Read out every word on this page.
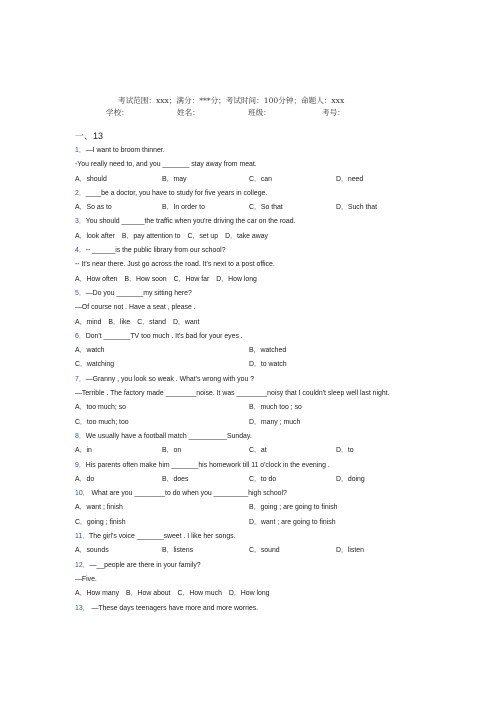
考试范围：xxx；满分：***分；考试时间：100分钟；命题人：xxx
学校：	姓名：	班级：	考号：
一、13
1．—I want to broom thinner.
-You really need to, and you _______ stay away from meat.
A．should	B．may	C．can	D．need
2．____be a doctor, you have to study for five years in college.
A．So as to	B．In order to	C．So that	D．Such that
3．You should ______the traffic when you're driving the car on the road.
A．look after B．pay attention to C．set up D．take away
4．-- ______is the public library from our school?
-- It's near there. Just go across the road. It's next to a post office.
A．How often B．How soon C．How far D．How long
5．—Do you _______my sitting here?
—Of course not . Have a seat , please .
A．mind B．like C．stand D．want
6．Don't _______TV too much . It's bad for your eyes .
A．watch	B．watched
C．watching	D．to watch
7．—Granny , you look so weak . What's wrong with you ?
—Terrible . The factory made ________noise. It was ________noisy that I couldn't sleep well last night.
A．too much; so	B．much too ; so
C．too much; too	D．many ; much
8．We usually have a football match __________Sunday.
A．in	B．on	C．at	D．to
9．His parents often make him _______his homework till 11 o'clock in the evening .
A．do	B．does	C．to do	D．doing
10． What are you ________to do when you _________high school?
A．want ; finish	B．going ; are going to finish
C．going ; finish	D．want ; are going to finish
11．The girl's voice _______sweet . I like her songs.
A．sounds	B．listens	C．sound	D．listen
12．—__people are there in your family?
—Five.
A．How many B．How about C．How much D．How long
13． —These days teenagers have more and more worries.
